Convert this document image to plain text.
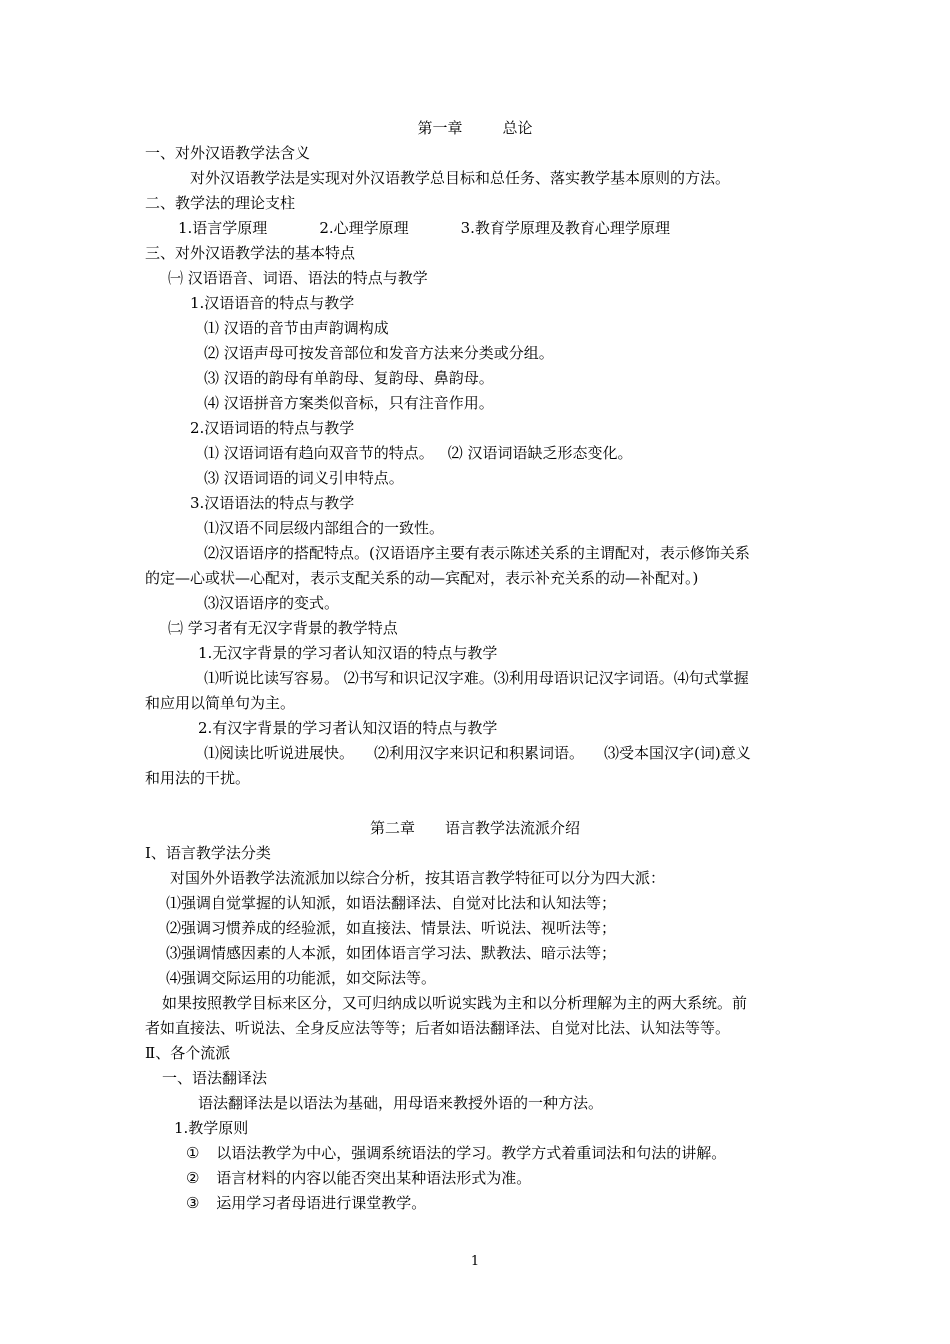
第一章	总论
一、对外汉语教学法含义
对外汉语教学法是实现对外汉语教学总目标和总任务、落实教学基本原则的方法。
二、教学法的理论支柱
1.语言学原理	2.心理学原理	3.教育学原理及教育心理学原理
三、对外汉语教学法的基本特点
㈠ 汉语语音、词语、语法的特点与教学
1.汉语语音的特点与教学
⑴ 汉语的音节由声韵调构成
⑵ 汉语声母可按发音部位和发音方法来分类或分组。
⑶ 汉语的韵母有单韵母、复韵母、鼻韵母。
⑷ 汉语拼音方案类似音标，只有注音作用。
2.汉语词语的特点与教学
⑴ 汉语词语有趋向双音节的特点。 ⑵ 汉语词语缺乏形态变化。
⑶ 汉语词语的词义引申特点。
3.汉语语法的特点与教学
⑴汉语不同层级内部组合的一致性。
⑵汉语语序的搭配特点。(汉语语序主要有表示陈述关系的主谓配对，表示修饰关系
的定—心或状—心配对，表示支配关系的动—宾配对，表示补充关系的动—补配对。)
⑶汉语语序的变式。
㈡ 学习者有无汉字背景的教学特点
1.无汉字背景的学习者认知汉语的特点与教学
⑴听说比读写容易。 ⑵书写和识记汉字难。⑶利用母语识记汉字词语。⑷句式掌握
和应用以简单句为主。
2.有汉字背景的学习者认知汉语的特点与教学
⑴阅读比听说进展快。 ⑵利用汉字来识记和积累词语。 ⑶受本国汉字(词)意义
和用法的干扰。
第二章 语言教学法流派介绍
Ⅰ、语言教学法分类
对国外外语教学法流派加以综合分析，按其语言教学特征可以分为四大派：
⑴强调自觉掌握的认知派，如语法翻译法、自觉对比法和认知法等；
⑵强调习惯养成的经验派，如直接法、情景法、听说法、视听法等；
⑶强调情感因素的人本派，如团体语言学习法、默教法、暗示法等；
⑷强调交际运用的功能派，如交际法等。
如果按照教学目标来区分，又可归纳成以听说实践为主和以分析理解为主的两大系统。前
者如直接法、听说法、全身反应法等等；后者如语法翻译法、自觉对比法、认知法等等。
Ⅱ、各个流派
一、语法翻译法
语法翻译法是以语法为基础，用母语来教授外语的一种方法。
1.教学原则
① 以语法教学为中心，强调系统语法的学习。教学方式着重词法和句法的讲解。
② 语言材料的内容以能否突出某种语法形式为准。
③ 运用学习者母语进行课堂教学。
1
